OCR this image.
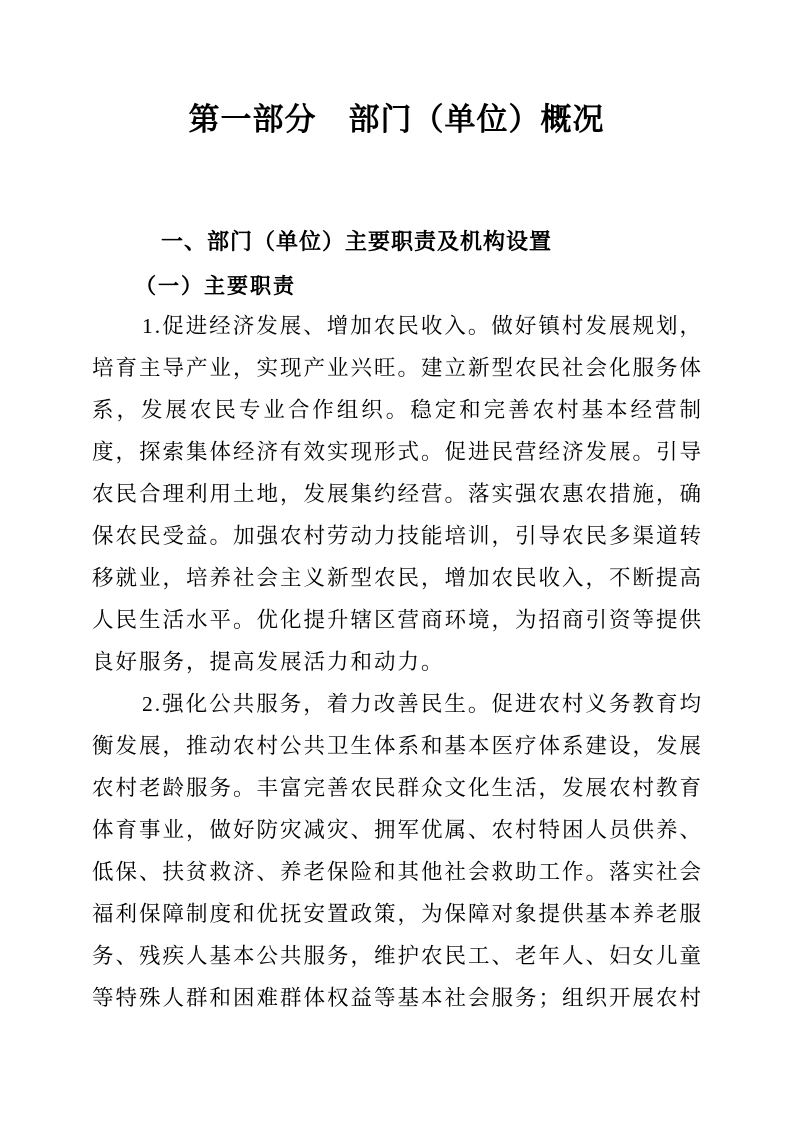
第一部分　部门（单位）概况
一、部门（单位）主要职责及机构设置
（一）主要职责

1.促进经济发展、增加农民收入。做好镇村发展规划，培育主导产业，实现产业兴旺。建立新型农民社会化服务体系，发展农民专业合作组织。稳定和完善农村基本经营制度，探索集体经济有效实现形式。促进民营经济发展。引导农民合理利用土地，发展集约经营。落实强农惠农措施，确保农民受益。加强农村劳动力技能培训，引导农民多渠道转移就业，培养社会主义新型农民，增加农民收入，不断提高人民生活水平。优化提升辖区营商环境，为招商引资等提供良好服务，提高发展活力和动力。

2.强化公共服务，着力改善民生。促进农村义务教育均衡发展，推动农村公共卫生体系和基本医疗体系建设，发展农村老龄服务。丰富完善农民群众文化生活，发展农村教育体育事业，做好防灾减灾、拥军优属、农村特困人员供养、低保、扶贫救济、养老保险和其他社会救助工作。落实社会福利保障制度和优抚安置政策，为保障对象提供基本养老服务、残疾人基本公共服务，维护农民工、老年人、妇女儿童等特殊人群和困难群体权益等基本社会服务；组织开展农村
